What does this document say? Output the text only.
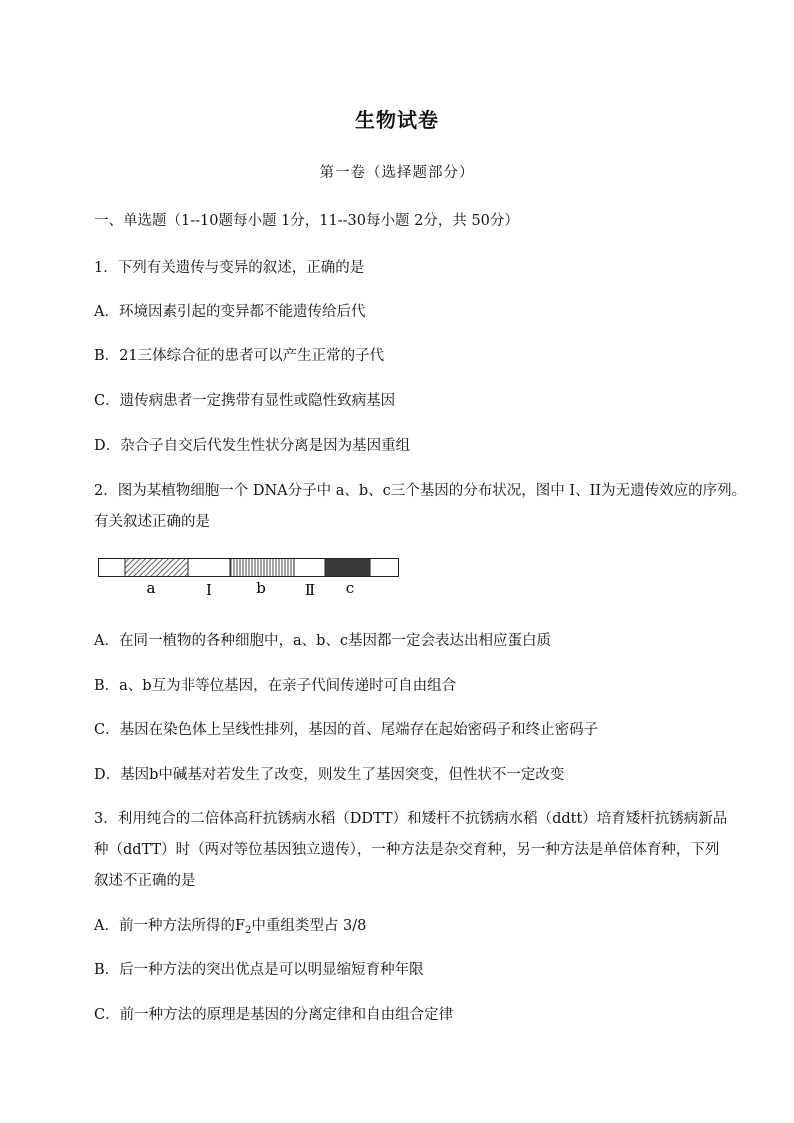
生物试卷
第一卷（选择题部分）
一、单选题（1--10题每小题 1分，11--30每小题 2分，共 50分）
1．下列有关遗传与变异的叙述，正确的是
A．环境因素引起的变异都不能遗传给后代
B．21三体综合征的患者可以产生正常的子代
C．遗传病患者一定携带有显性或隐性致病基因
D．杂合子自交后代发生性状分离是因为基因重组
2．图为某植物细胞一个 DNA分子中 a、b、c三个基因的分布状况，图中 I、II为无遗传效应的序列。
有关叙述正确的是
a	I	b	Ⅱ c
A．在同一植物的各种细胞中，a、b、c基因都一定会表达出相应蛋白质
B．a、b互为非等位基因，在亲子代间传递时可自由组合
C．基因在染色体上呈线性排列，基因的首、尾端存在起始密码子和终止密码子
D．基因b中碱基对若发生了改变，则发生了基因突变，但性状不一定改变
3．利用纯合的二倍体高秆抗锈病水稻（DDTT）和矮杆不抗锈病水稻（ddtt）培育矮杆抗锈病新品
种（ddTT）时（两对等位基因独立遗传），一种方法是杂交育种，另一种方法是单倍体育种，下列
叙述不正确的是
A．前一种方法所得的$F_2$中重组类型占 3/8
B．后一种方法的突出优点是可以明显缩短育种年限
C．前一种方法的原理是基因的分离定律和自由组合定律
